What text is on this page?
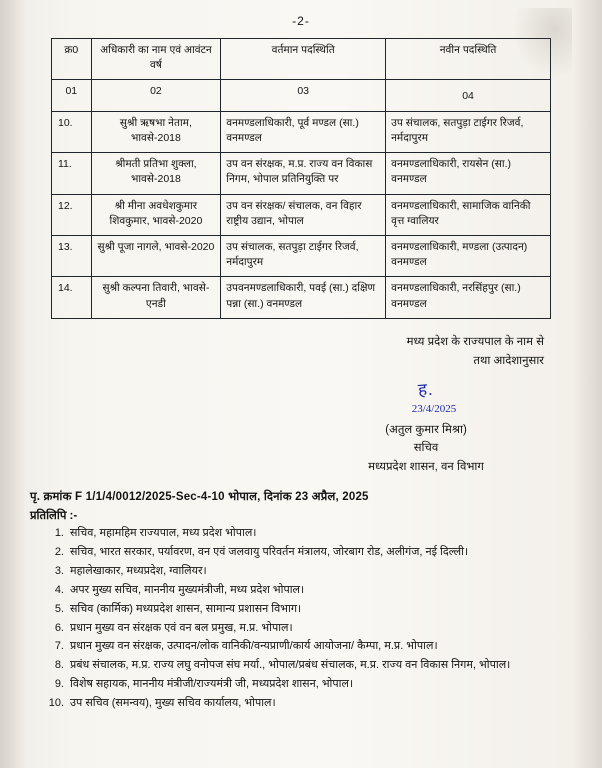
-2-
क्र0	अधिकारी का नाम एवं आवंटन वर्ष	वर्तमान पदस्थिति	नवीन पदस्थिति
01	02	03	04
10.	सुश्री ऋषभा नेताम, भावसे-2018	वनमण्डलाधिकारी, पूर्व मण्डल (सा.) वनमण्डल	उप संचालक, सतपुड़ा टाईगर रिजर्व, नर्मदापुरम
11.	श्रीमती प्रतिभा शुक्ला, भावसे-2018	उप वन संरक्षक, म.प्र. राज्य वन विकास निगम, भोपाल प्रतिनियुक्ति पर	वनमण्डलाधिकारी, रायसेन (सा.) वनमण्डल
12.	श्री मीना अवधेशकुमार शिवकुमार, भावसे-2020	उप वन संरक्षक/ संचालक, वन विहार राष्ट्रीय उद्यान, भोपाल	वनमण्डलाधिकारी, सामाजिक वानिकी वृत्त ग्वालियर
13.	सुश्री पूजा नागले, भावसे-2020	उप संचालक, सतपुड़ा टाईगर रिजर्व, नर्मदापुरम	वनमण्डलाधिकारी, मण्डला (उत्पादन) वनमण्डल
14.	सुश्री कल्पना तिवारी, भावसे-एनडी	उपवनमण्डलाधिकारी, पवई (सा.) दक्षिण पन्ना (सा.) वनमण्डल	वनमण्डलाधिकारी, नरसिंहपुर (सा.) वनमण्डल
मध्य प्रदेश के राज्यपाल के नाम से
तथा आदेशानुसार
ह.
23/4/2025
(अतुल कुमार मिश्रा)
सचिव
मध्यप्रदेश शासन, वन विभाग
पृ. क्रमांक F 1/1/4/0012/2025-Sec-4-10 भोपाल, दिनांक 23 अप्रैल, 2025
प्रतिलिपि :-
1. सचिव, महामहिम राज्यपाल, मध्य प्रदेश भोपाल।
2. सचिव, भारत सरकार, पर्यावरण, वन एवं जलवायु परिवर्तन मंत्रालय, जोरबाग रोड, अलीगंज, नई दिल्ली।
3. महालेखाकार, मध्यप्रदेश, ग्वालियर।
4. अपर मुख्य सचिव, माननीय मुख्यमंत्रीजी, मध्य प्रदेश भोपाल।
5. सचिव (कार्मिक) मध्यप्रदेश शासन, सामान्य प्रशासन विभाग।
6. प्रधान मुख्य वन संरक्षक एवं वन बल प्रमुख, म.प्र. भोपाल।
7. प्रधान मुख्य वन संरक्षक, उत्पादन/लोक वानिकी/वन्यप्राणी/कार्य आयोजना/ कैम्पा, म.प्र. भोपाल।
8. प्रबंध संचालक, म.प्र. राज्य लघु वनोपज संघ मर्या., भोपाल/प्रबंध संचालक, म.प्र. राज्य वन विकास निगम, भोपाल।
9. विशेष सहायक, माननीय मंत्रीजी/राज्यमंत्री जी, मध्यप्रदेश शासन, भोपाल।
10. उप सचिव (समन्वय), मुख्य सचिव कार्यालय, भोपाल।
